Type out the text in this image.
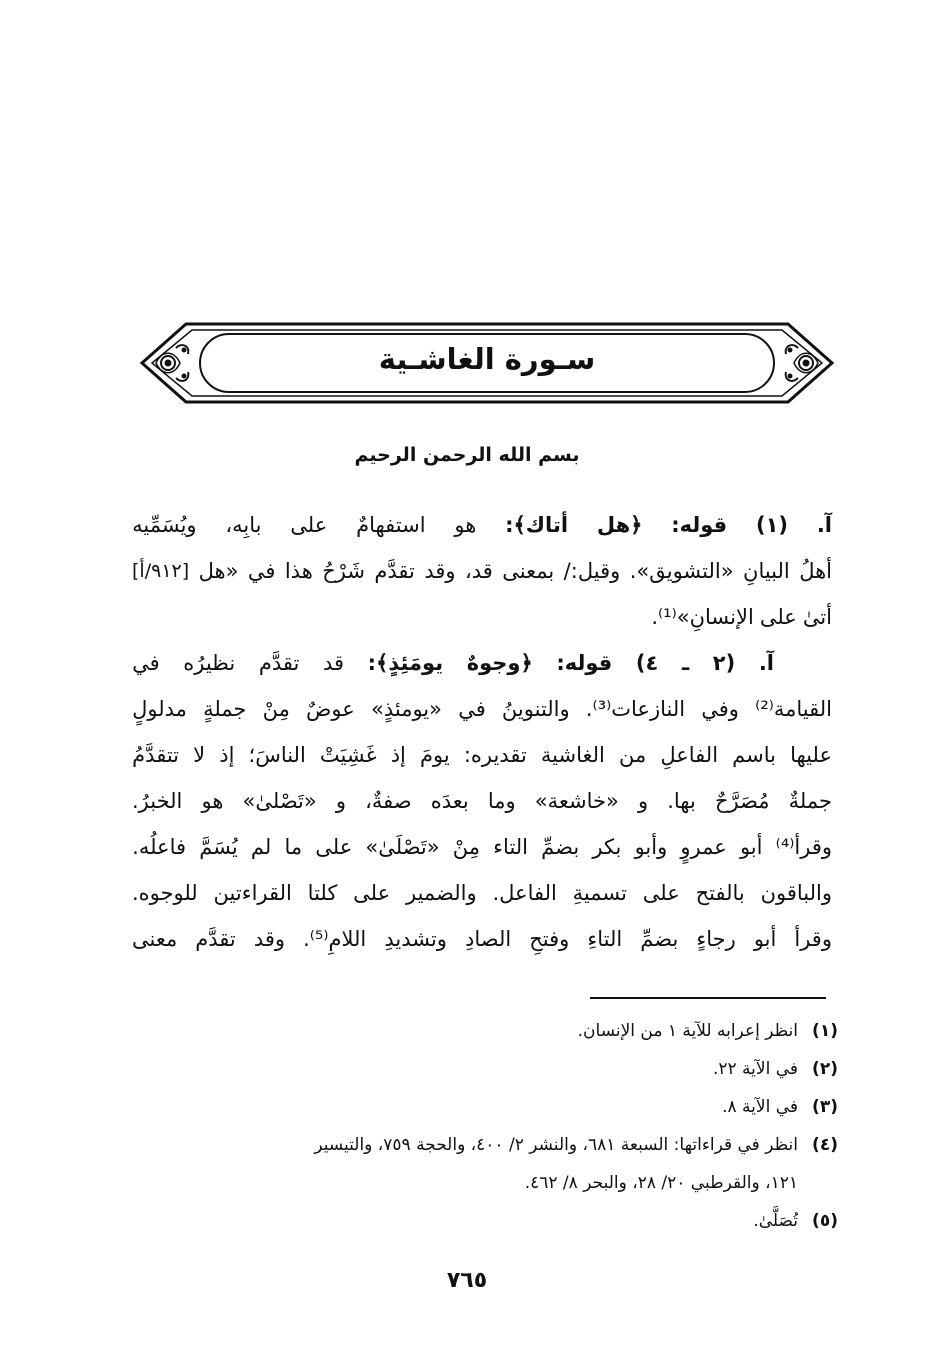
سـورة الغاشـية
بسم الله الرحمن الرحيم
آ.
(١)
قوله:
﴿هل
أتاك﴾:
هو
استفهامٌ
على
بابِه،
ويُسَمِّيه
أهلُ
البيانِ
«التشويق».
وقيل:/
بمعنى
قد،
وقد
تقدَّم
شَرْحُ
هذا
في
«هل
[٩١٢/أ]
أتىٰ
على
الإنسانِ»⁽¹⁾.
آ.
(٢
ـ
٤)
قوله:
﴿وجوهٌ
يومَئِذٍ﴾:
قد
تقدَّم
نظيرُه
في
القيامة⁽²⁾
وفي
النازعات⁽³⁾.
والتنوينُ
في
«يومئذٍ»
عوضٌ
مِنْ
جملةٍ
مدلولٍ
عليها
باسم
الفاعلِ
من
الغاشية
تقديره:
يومَ
إذ
غَشِيَتْ
الناسَ؛
إذ
لا
تتقدَّمُ
جملةٌ
مُصَرَّحٌ
بها.
و
«خاشعة»
وما
بعدَه
صفةٌ،
و
«تَصْلىٰ»
هو
الخبرُ.
وقرأ⁽⁴⁾
أبو
عمروٍ
وأبو
بكر
بضمِّ
التاء
مِنْ
«تَصْلَىٰ»
على
ما
لم
يُسَمَّ
فاعلُه.
والباقون
بالفتح
على
تسميةِ
الفاعل.
والضمير
على
كلتا
القراءتين
للوجوه.
وقرأ
أبو
رجاءٍ
بضمِّ
التاءِ
وفتحِ
الصادِ
وتشديدِ
اللامِ⁽⁵⁾.
وقد
تقدَّم
معنى
(١)
انظر إعرابه للآية ١ من الإنسان.
(٢)
في الآية ٢٢.
(٣)
في الآية ٨.
(٤)
انظر في قراءاتها: السبعة ٦٨١، والنشر ٢/ ٤٠٠، والحجة ٧٥٩، والتيسير
١٢١، والقرطبي ٢٠/ ٢٨، والبحر ٨/ ٤٦٢.
(٥)
تُصَلَّىٰ.
٧٦٥
